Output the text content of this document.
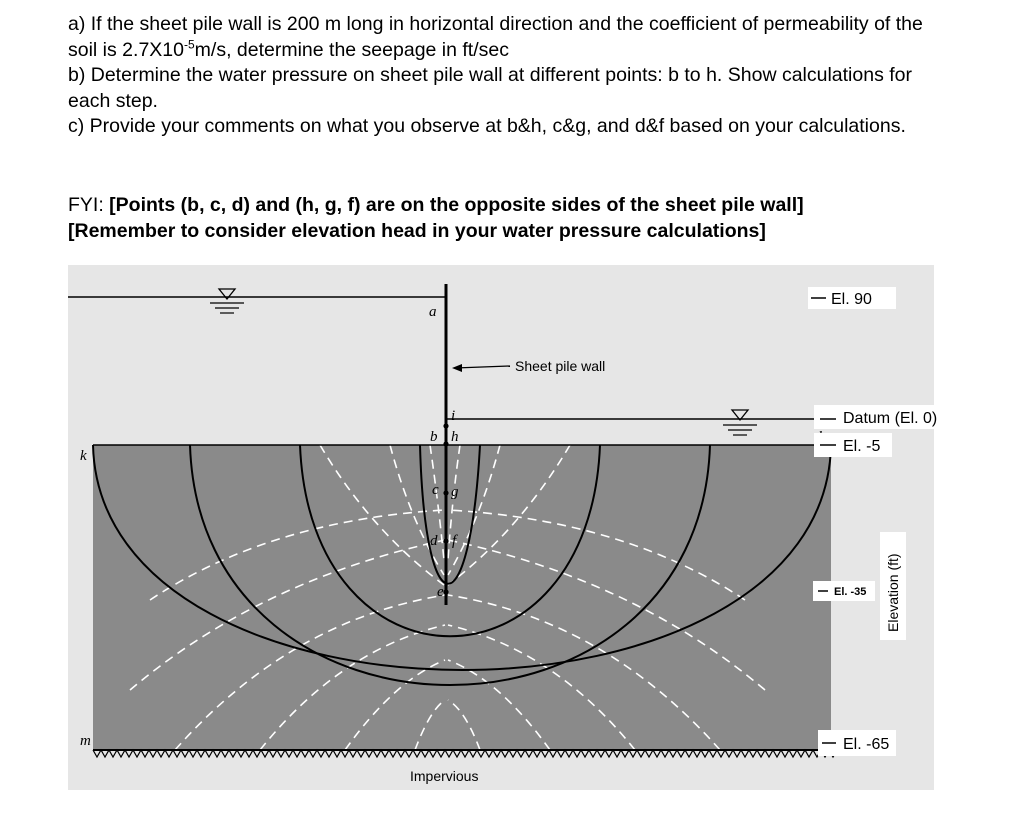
a) If the sheet pile wall is 200 m long in horizontal direction and the coefficient of permeability of the soil is $2.7X10^{-5}m/s$, determine the seepage in ft/sec
b) Determine the water pressure on sheet pile wall at different points: b to h. Show calculations for each step.
c) Provide your comments on what you observe at b&h, c&g, and d&f based on your calculations.
FYI: [Points (b, c, d) and (h, g, f) are on the opposite sides of the sheet pile wall]
[Remember to consider elevation head in your water pressure calculations]
a
i
b h
c g
d f
e
k
m
Sheet pile wall
Impervious
El. 90
Datum (El. 0)
El. -5
El. -35
El. -65
Elevation (ft)
